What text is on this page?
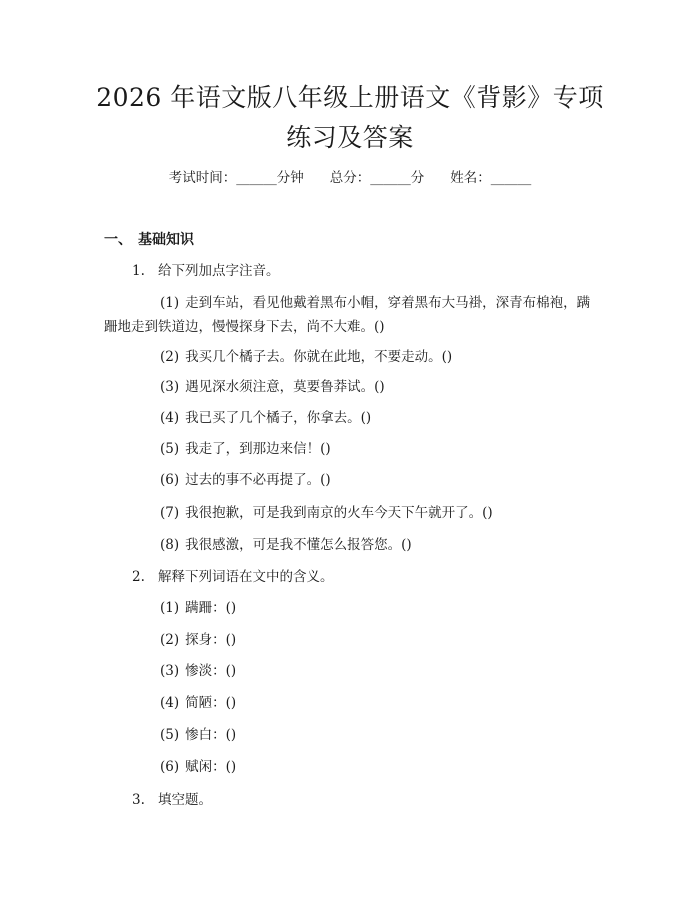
2026 年语文版八年级上册语文《背影》专项
练习及答案
考试时间：______分钟 总分：______分 姓名：______
一、 基础知识
1. 给下列加点字注音。
(1) 走到车站，看见他戴着黑布小帽，穿着黑布大马褂，深青布棉袍，蹒
跚地走到铁道边，慢慢探身下去，尚不大难。()
(2) 我买几个橘子去。你就在此地，不要走动。()
(3) 遇见深水须注意，莫要鲁莽试。()
(4) 我已买了几个橘子，你拿去。()
(5) 我走了，到那边来信！()
(6) 过去的事不必再提了。()
(7) 我很抱歉，可是我到南京的火车今天下午就开了。()
(8) 我很感激，可是我不懂怎么报答您。()
2. 解释下列词语在文中的含义。
(1) 蹒跚：()
(2) 探身：()
(3) 惨淡：()
(4) 简陋：()
(5) 惨白：()
(6) 赋闲：()
3. 填空题。
